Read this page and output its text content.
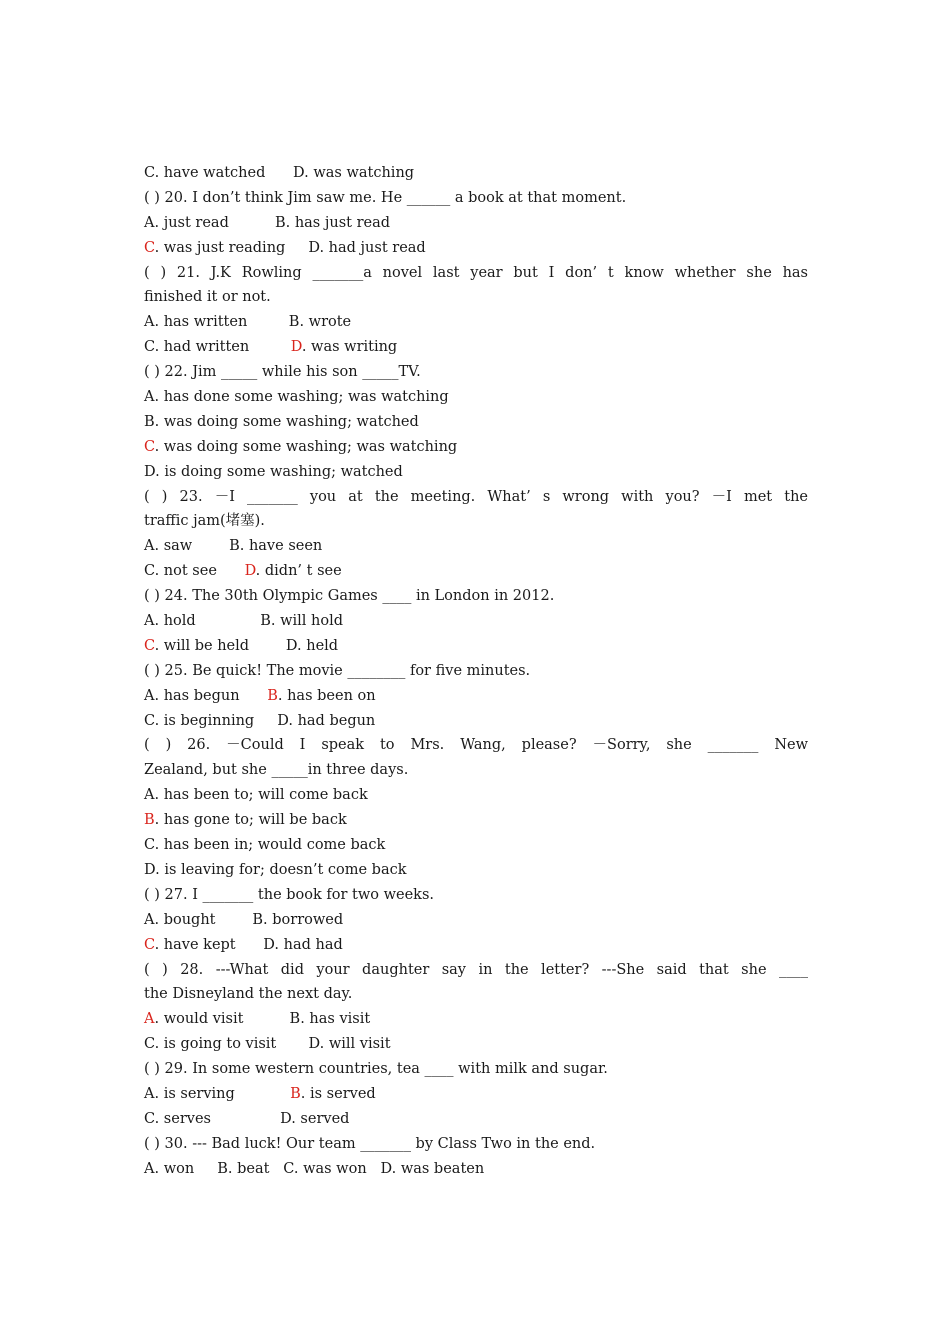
C. have watched      D. was watching
( ) 20. I don’t think Jim saw me. He ______ a book at that moment.
A. just read          B. has just read
C. was just reading     D. had just read
( ) 21. J.K Rowling _______a novel last year but I don’ t know whether she has
finished it or not.
A. has written         B. wrote
C. had written         D. was writing
( ) 22. Jim _____ while his son _____TV.
A. has done some washing; was watching
B. was doing some washing; watched
C. was doing some washing; was watching
D. is doing some washing; watched
( ) 23. －I _______ you at the meeting. What’ s wrong with you? －I met the
traffic jam(堵塞).
A. saw        B. have seen
C. not see      D. didn’ t see
( ) 24. The 30th Olympic Games ____ in London in 2012.
A. hold              B. will hold
C. will be held        D. held
( ) 25. Be quick! The movie ________ for five minutes.
A. has begun      B. has been on
C. is beginning     D. had begun
( ) 26. －Could I speak to Mrs. Wang, please? －Sorry, she _______ New
Zealand, but she _____in three days.
A. has been to; will come back
B. has gone to; will be back
C. has been in; would come back
D. is leaving for; doesn’t come back
( ) 27. I _______ the book for two weeks.
A. bought        B. borrowed
C. have kept      D. had had
( ) 28. ---What did your daughter say in the letter? ---She said that she ____
the Disneyland the next day.
A. would visit          B. has visit
C. is going to visit       D. will visit
( ) 29. In some western countries, tea ____ with milk and sugar.
A. is serving            B. is served
C. serves               D. served
( ) 30. --- Bad luck! Our team _______ by Class Two in the end.
A. won     B. beat   C. was won   D. was beaten
